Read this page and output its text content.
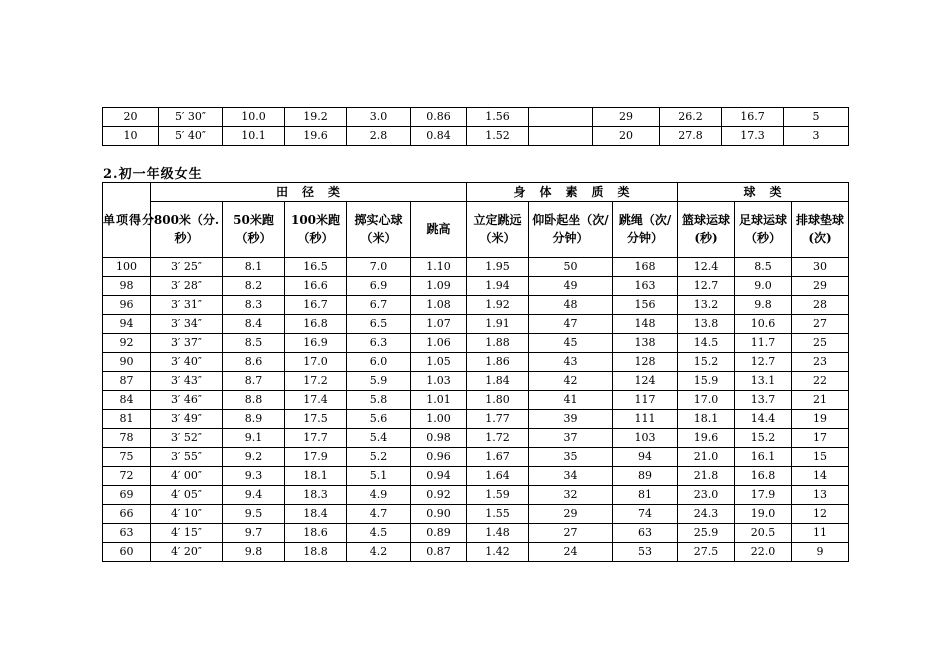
20	5′ 30″	10.0	19.2	3.0	0.86	1.56		29	26.2	16.7	5
10	5′ 40″	10.1	19.6	2.8	0.84	1.52		20	27.8	17.3	3
2.初一年级女生
单项得分	田　径　类					身　体　素　质　类			球　类		
	800米（分.秒）	50米跑（秒）	100米跑（秒）	掷实心球（米）	跳高	立定跳远（米）	仰卧起坐（次/分钟）	跳绳（次/分钟）	篮球运球(秒)	足球运球（秒）	排球垫球(次)
100	3′ 25″	8.1	16.5	7.0	1.10	1.95	50	168	12.4	8.5	30
98	3′ 28″	8.2	16.6	6.9	1.09	1.94	49	163	12.7	9.0	29
96	3′ 31″	8.3	16.7	6.7	1.08	1.92	48	156	13.2	9.8	28
94	3′ 34″	8.4	16.8	6.5	1.07	1.91	47	148	13.8	10.6	27
92	3′ 37″	8.5	16.9	6.3	1.06	1.88	45	138	14.5	11.7	25
90	3′ 40″	8.6	17.0	6.0	1.05	1.86	43	128	15.2	12.7	23
87	3′ 43″	8.7	17.2	5.9	1.03	1.84	42	124	15.9	13.1	22
84	3′ 46″	8.8	17.4	5.8	1.01	1.80	41	117	17.0	13.7	21
81	3′ 49″	8.9	17.5	5.6	1.00	1.77	39	111	18.1	14.4	19
78	3′ 52″	9.1	17.7	5.4	0.98	1.72	37	103	19.6	15.2	17
75	3′ 55″	9.2	17.9	5.2	0.96	1.67	35	94	21.0	16.1	15
72	4′ 00″	9.3	18.1	5.1	0.94	1.64	34	89	21.8	16.8	14
69	4′ 05″	9.4	18.3	4.9	0.92	1.59	32	81	23.0	17.9	13
66	4′ 10″	9.5	18.4	4.7	0.90	1.55	29	74	24.3	19.0	12
63	4′ 15″	9.7	18.6	4.5	0.89	1.48	27	63	25.9	20.5	11
60	4′ 20″	9.8	18.8	4.2	0.87	1.42	24	53	27.5	22.0	9
